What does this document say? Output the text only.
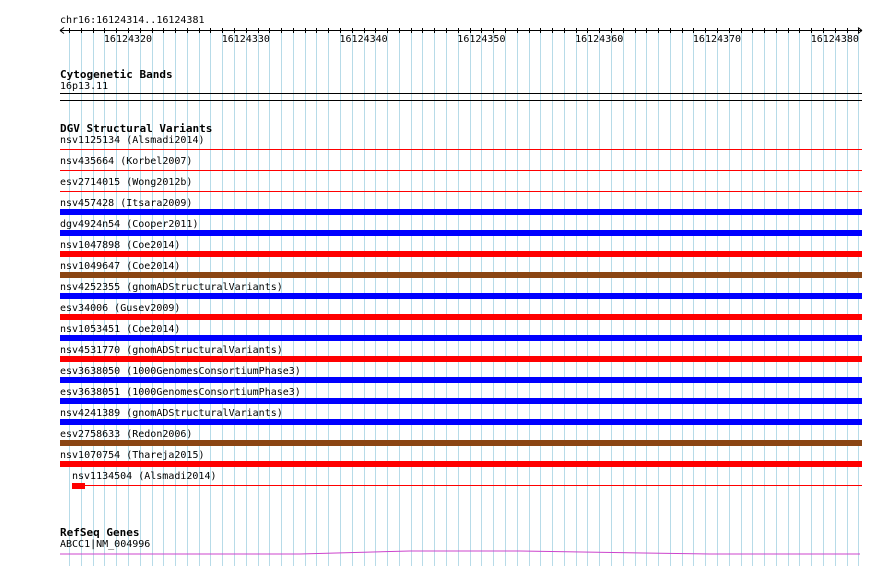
chr16:16124314..16124381
16124320	16124330	16124340	16124350	16124360	16124370	16124380
Cytogenetic Bands
16p13.11
DGV Structural Variants
nsv1125134 (Alsmadi2014)
nsv435664 (Korbel2007)
esv2714015 (Wong2012b)
nsv457428 (Itsara2009)
dgv4924n54 (Cooper2011)
nsv1047898 (Coe2014)
nsv1049647 (Coe2014)
nsv4252355 (gnomADStructuralVariants)
esv34006 (Gusev2009)
nsv1053451 (Coe2014)
nsv4531770 (gnomADStructuralVariants)
esv3638050 (1000GenomesConsortiumPhase3)
esv3638051 (1000GenomesConsortiumPhase3)
nsv4241389 (gnomADStructuralVariants)
esv2758633 (Redon2006)
nsv1070754 (Thareja2015)
nsv1134504 (Alsmadi2014)
RefSeq Genes
ABCC1|NM_004996
